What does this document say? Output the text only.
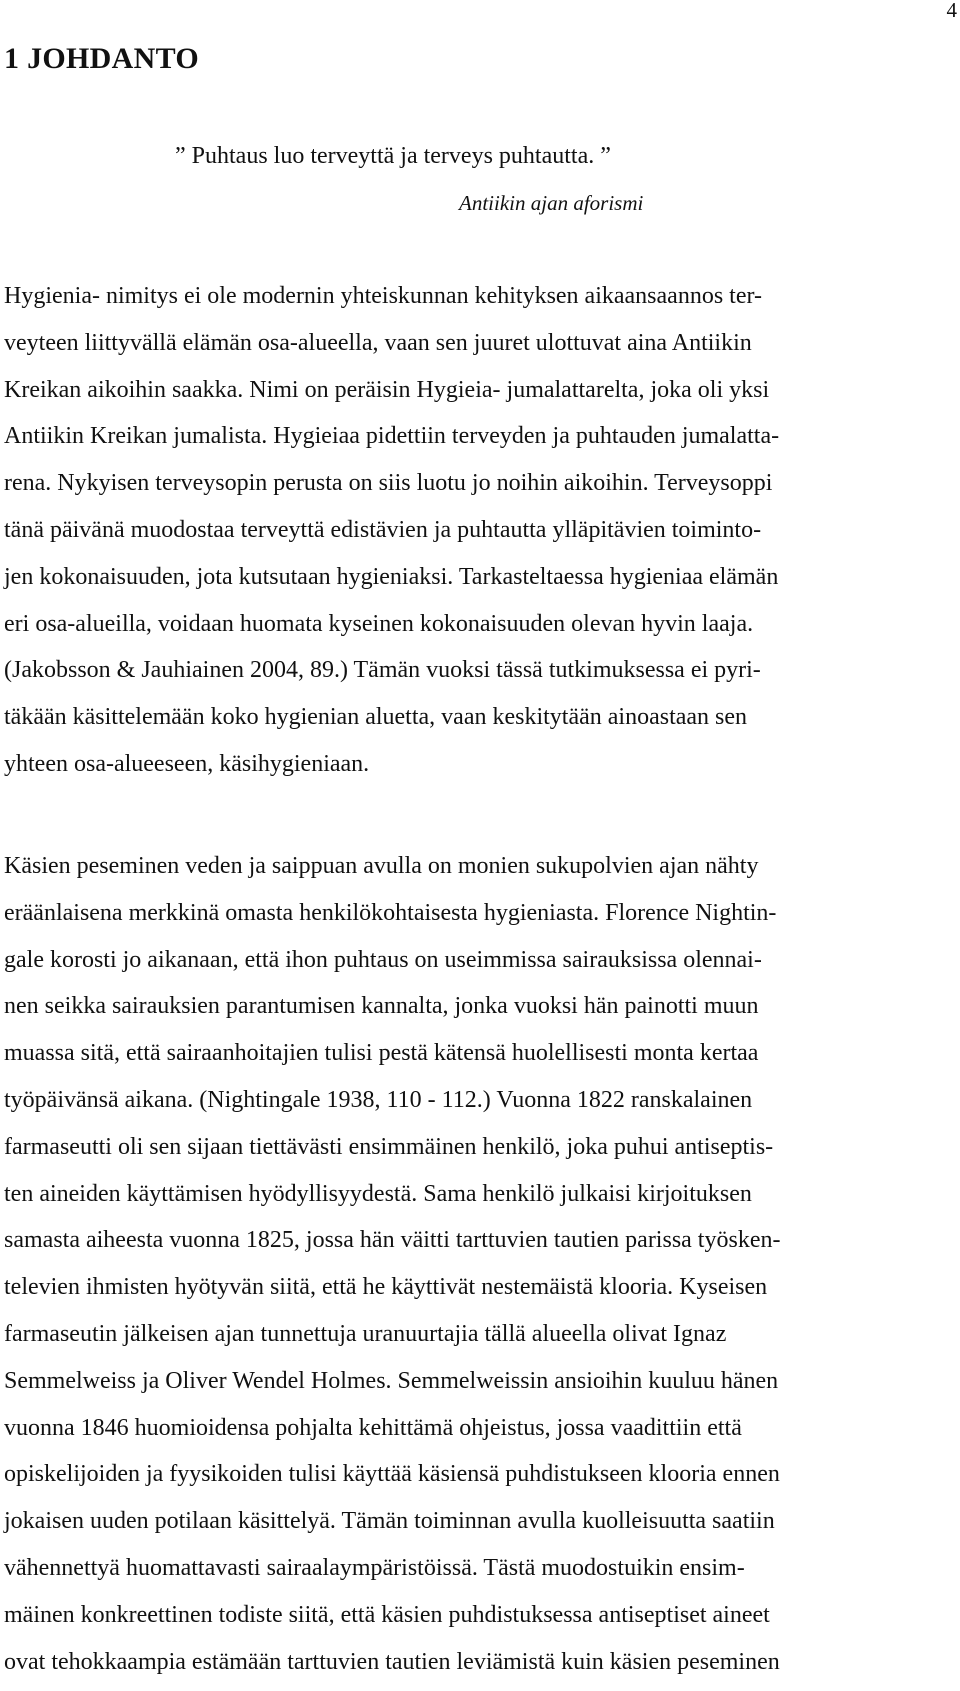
4
1 JOHDANTO
” Puhtaus luo terveyttä ja terveys puhtautta. ”
Antiikin ajan aforismi
Hygienia- nimitys ei ole modernin yhteiskunnan kehityksen aikaansaannos ter-
veyteen liittyvällä elämän osa-alueella, vaan sen juuret ulottuvat aina Antiikin
Kreikan aikoihin saakka. Nimi on peräisin Hygieia- jumalattarelta, joka oli yksi
Antiikin Kreikan jumalista. Hygieiaa pidettiin terveyden ja puhtauden jumalatta-
rena. Nykyisen terveysopin perusta on siis luotu jo noihin aikoihin. Terveysoppi
tänä päivänä muodostaa terveyttä edistävien ja puhtautta ylläpitävien toiminto-
jen kokonaisuuden, jota kutsutaan hygieniaksi. Tarkasteltaessa hygieniaa elämän
eri osa-alueilla, voidaan huomata kyseinen kokonaisuuden olevan hyvin laaja.
(Jakobsson & Jauhiainen 2004, 89.) Tämän vuoksi tässä tutkimuksessa ei pyri-
täkään käsittelemään koko hygienian aluetta, vaan keskitytään ainoastaan sen
yhteen osa-alueeseen, käsihygieniaan.
Käsien peseminen veden ja saippuan avulla on monien sukupolvien ajan nähty
eräänlaisena merkkinä omasta henkilökohtaisesta hygieniasta. Florence Nightin-
gale korosti jo aikanaan, että ihon puhtaus on useimmissa sairauksissa olennai-
nen seikka sairauksien parantumisen kannalta, jonka vuoksi hän painotti muun
muassa sitä, että sairaanhoitajien tulisi pestä kätensä huolellisesti monta kertaa
työpäivänsä aikana. (Nightingale 1938, 110 - 112.) Vuonna 1822 ranskalainen
farmaseutti oli sen sijaan tiettävästi ensimmäinen henkilö, joka puhui antiseptis-
ten aineiden käyttämisen hyödyllisyydestä. Sama henkilö julkaisi kirjoituksen
samasta aiheesta vuonna 1825, jossa hän väitti tarttuvien tautien parissa työsken-
televien ihmisten hyötyvän siitä, että he käyttivät nestemäistä klooria. Kyseisen
farmaseutin jälkeisen ajan tunnettuja uranuurtajia tällä alueella olivat Ignaz
Semmelweiss ja Oliver Wendel Holmes. Semmelweissin ansioihin kuuluu hänen
vuonna 1846 huomioidensa pohjalta kehittämä ohjeistus, jossa vaadittiin että
opiskelijoiden ja fyysikoiden tulisi käyttää käsiensä puhdistukseen klooria ennen
jokaisen uuden potilaan käsittelyä. Tämän toiminnan avulla kuolleisuutta saatiin
vähennettyä huomattavasti sairaalaympäristöissä. Tästä muodostuikin ensim-
mäinen konkreettinen todiste siitä, että käsien puhdistuksessa antiseptiset aineet
ovat tehokkaampia estämään tarttuvien tautien leviämistä kuin käsien peseminen
